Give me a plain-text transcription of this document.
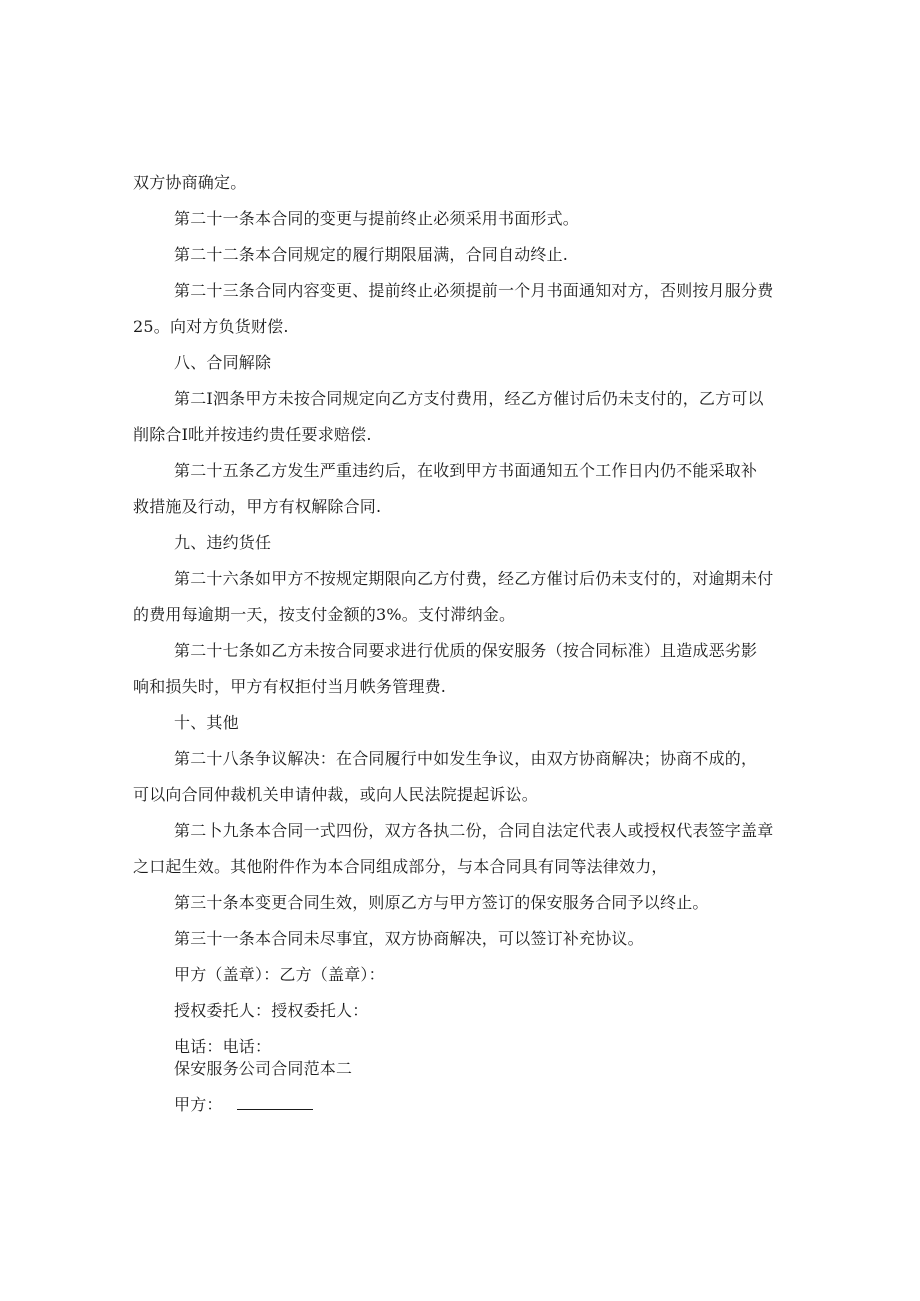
双方协商确定。
第二十一条本合同的变更与提前终止必须采用书面形式。
第二十二条本合同规定的履行期限届满，合同自动终止.
第二十三条合同内容变更、提前终止必须提前一个月书面通知对方，否则按月服分费
25。向对方负货财偿.
八、合同解除
第二I泗条甲方未按合同规定向乙方支付费用，经乙方催讨后仍未支付的，乙方可以
削除合I吡并按违约贵任要求赔偿.
第二十五条乙方发生严重违约后，在收到甲方书面通知五个工作日内仍不能采取补
救措施及行动，甲方有权解除合同.
九、违约货任
第二十六条如甲方不按规定期限向乙方付费，经乙方催讨后仍未支付的，对逾期未付
的费用每逾期一天，按支付金额的3%。支付滞纳金。
第二十七条如乙方未按合同要求进行优质的保安服务（按合同标准）且造成恶劣影
响和损失时，甲方有权拒付当月帙务管理费.
十、其他
第二十八条争议解决：在合同履行中如发生争议，由双方协商解决；协商不成的，
可以向合同仲裁机关申请仲裁，或向人民法院提起诉讼。
第二卜九条本合同一式四份，双方各执二份，合同自法定代表人或授权代表签字盖章
之口起生效。其他附件作为本合同组成部分，与本合同具有同等法律效力，
第三十条本变更合同生效，则原乙方与甲方签订的保安服务合同予以终止。
第三十一条本合同未尽事宜，双方协商解决，可以签订补充协议。
甲方（盖章）：乙方（盖章）：
授权委托人：授权委托人：
电话：电话：
保安服务公司合同范本二
甲方：
